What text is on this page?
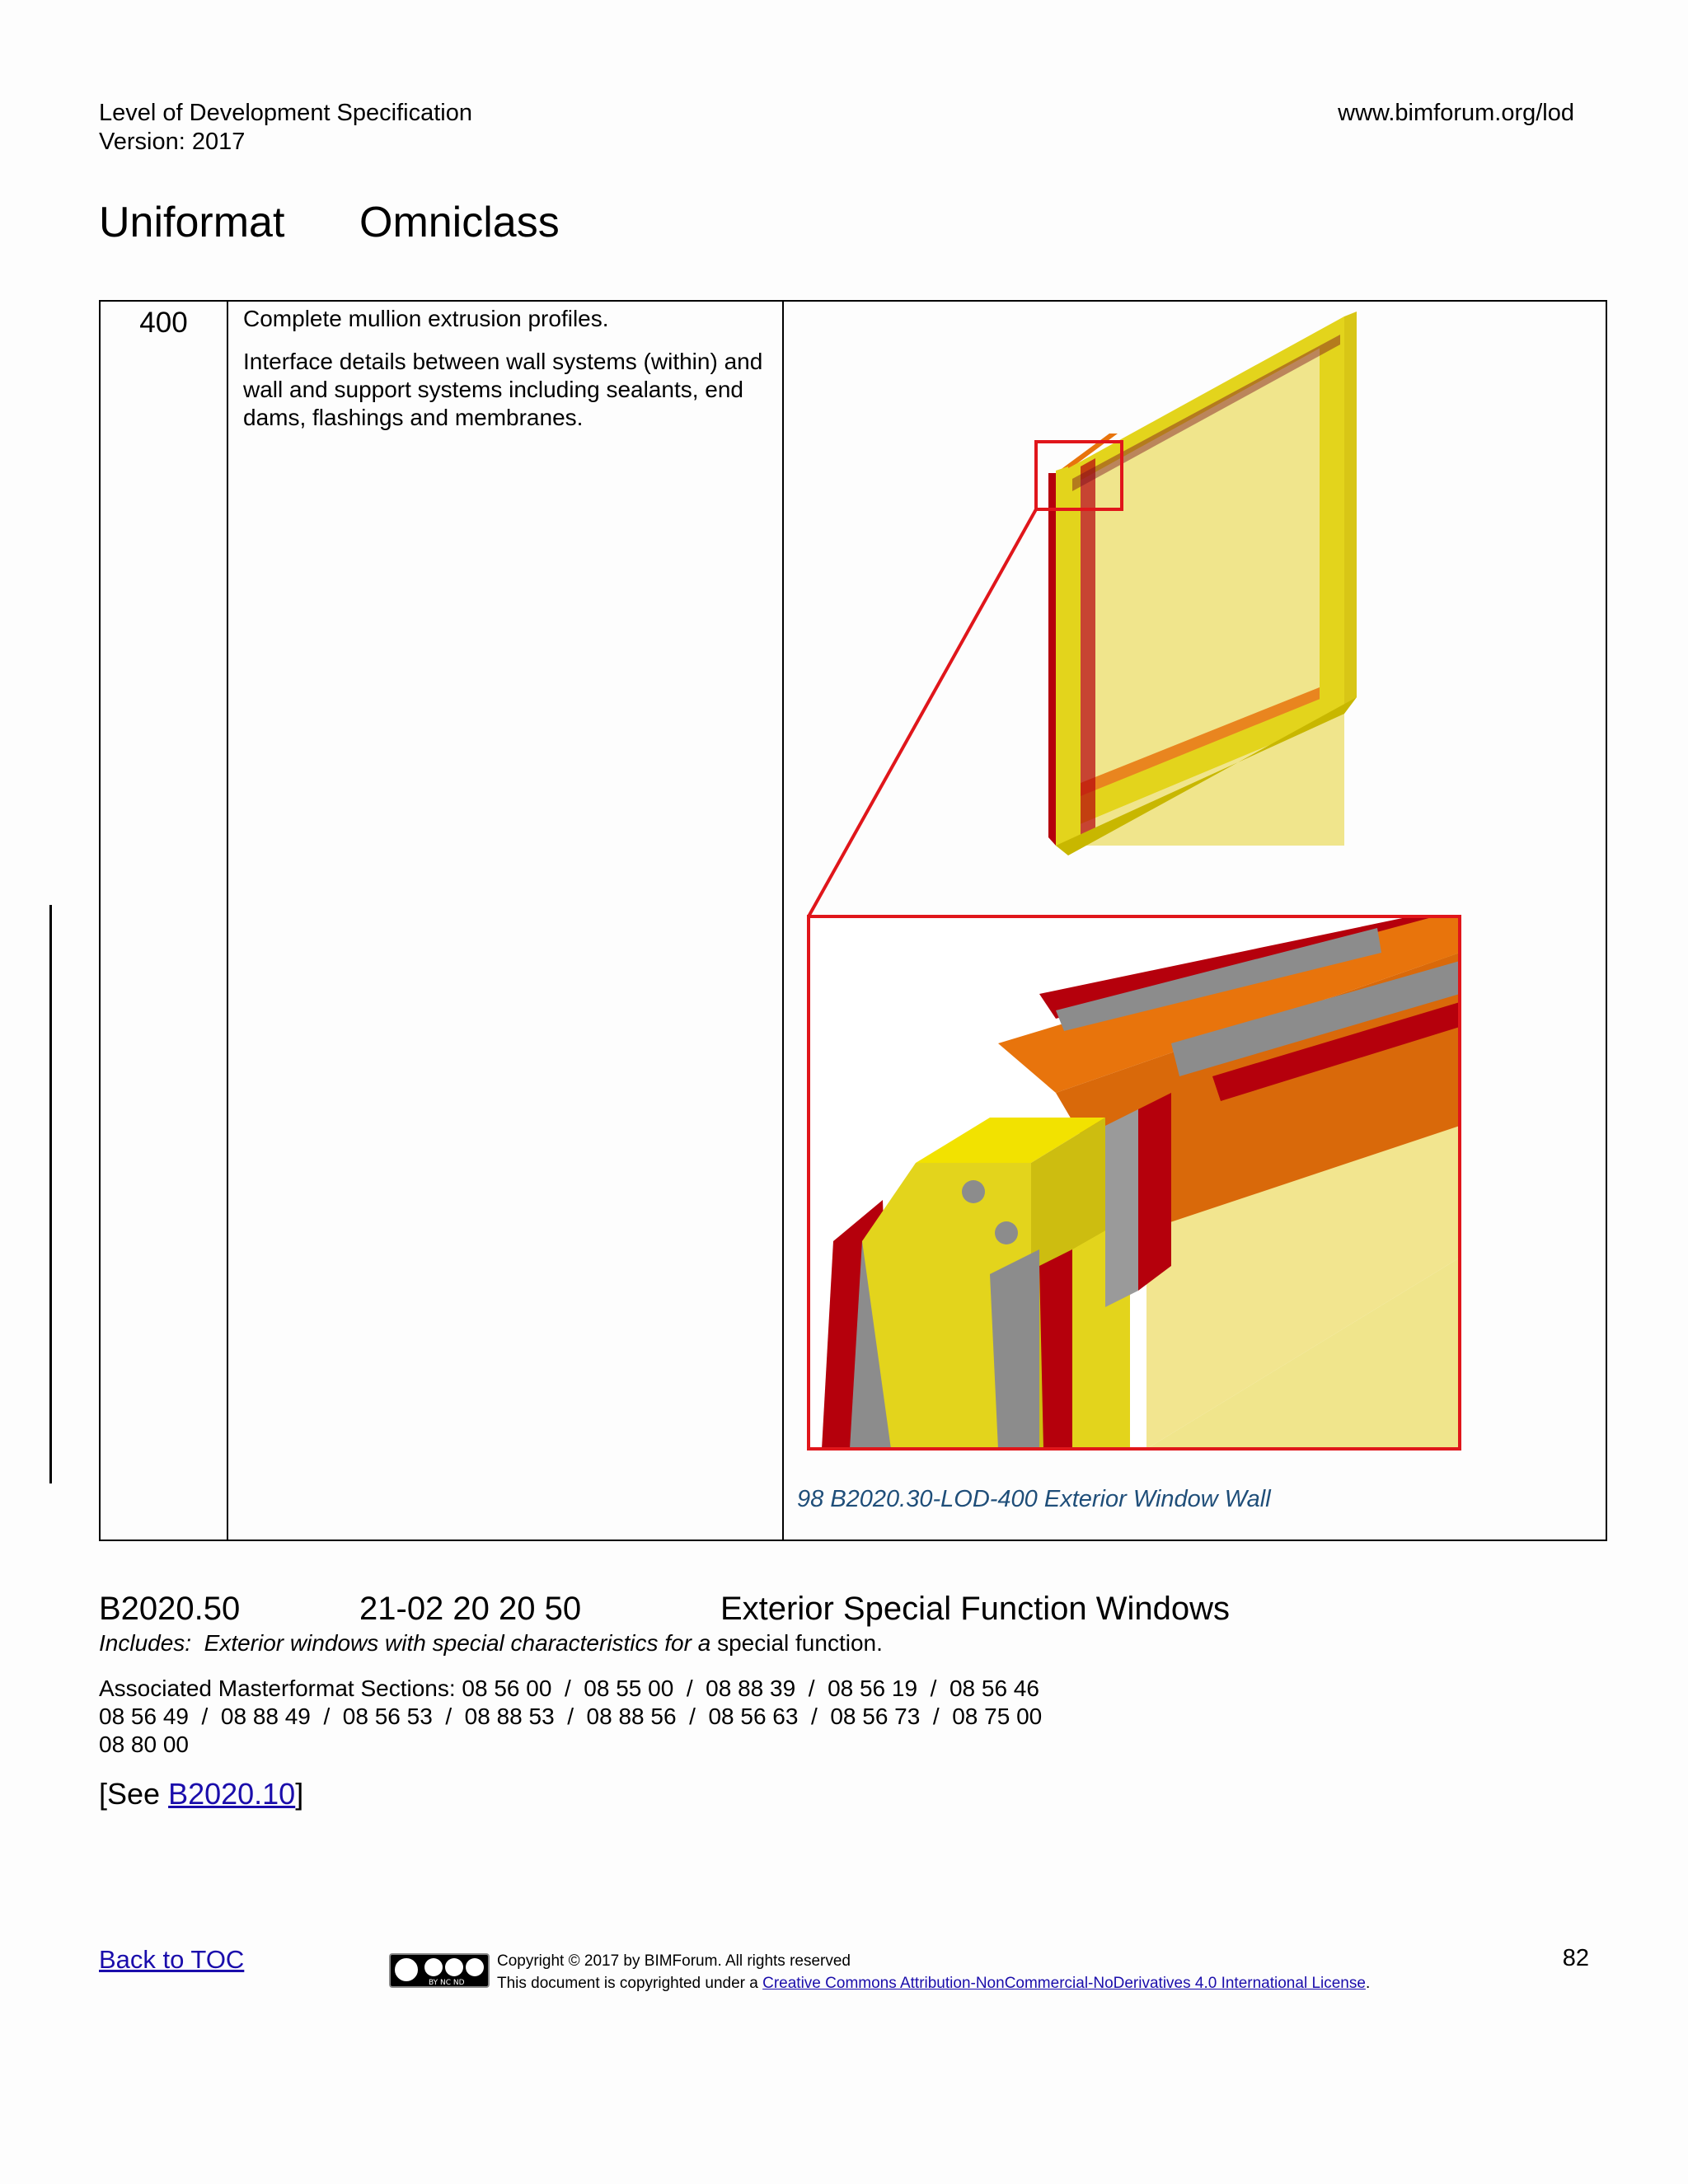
Level of Development Specification
Version: 2017
www.bimforum.org/lod
Uniformat Omniclass
400	Complete mullion extrusion profiles.
Interface details between wall systems (within) and wall and support systems including sealants, end dams, flashings and membranes.

98 B2020.30-LOD-400 Exterior Window Wall
B2020.50	21-02 20 20 50	Exterior Special Function Windows
Includes: Exterior windows with special characteristics for a special function.
Associated Masterformat Sections: 08 56 00  /  08 55 00  /  08 88 39  /  08 56 19  /  08 56 46
08 56 49  /  08 88 49  /  08 56 53  /  08 88 53  /  08 88 56  /  08 56 63  /  08 56 73  /  08 75 00
08 80 00
[See B2020.10]
Back to TOC
BY NC ND
Copyright © 2017 by BIMForum. All rights reserved
This document is copyrighted under a Creative Commons Attribution-NonCommercial-NoDerivatives 4.0 International License.
82
